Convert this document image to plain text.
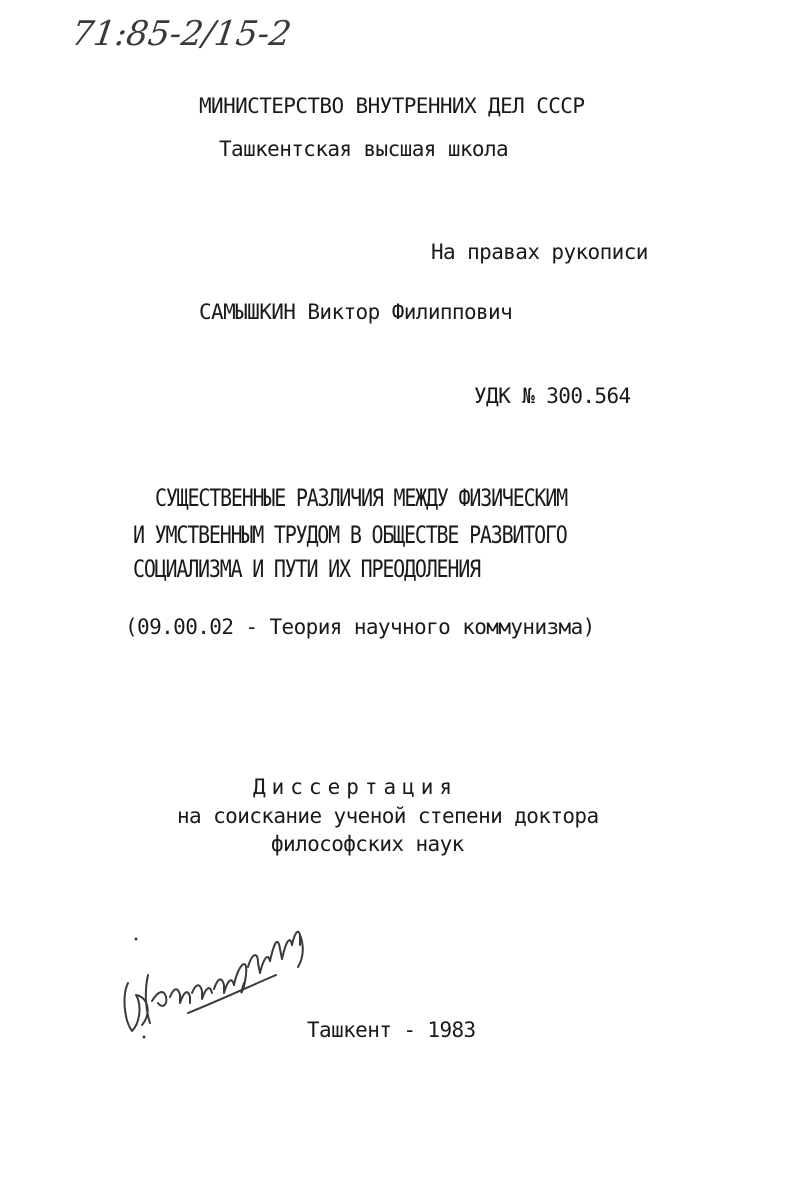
71:85-2/15-2
МИНИСТЕРСТВО ВНУТРЕННИХ ДЕЛ СССР
Ташкентская высшая школа
На правах рукописи
САМЫШКИН Виктор Филиппович
УДК № 300.564
СУЩЕСТВЕННЫЕ РАЗЛИЧИЯ МЕЖДУ ФИЗИЧЕСКИМ
И УМСТВЕННЫМ ТРУДОМ В ОБЩЕСТВЕ РАЗВИТОГО
СОЦИАЛИЗМА И ПУТИ ИХ ПРЕОДОЛЕНИЯ
(09.00.02 - Теория научного коммунизма)
Диссертация
на соискание ученой степени доктора
философских наук
Ташкент - 1983
